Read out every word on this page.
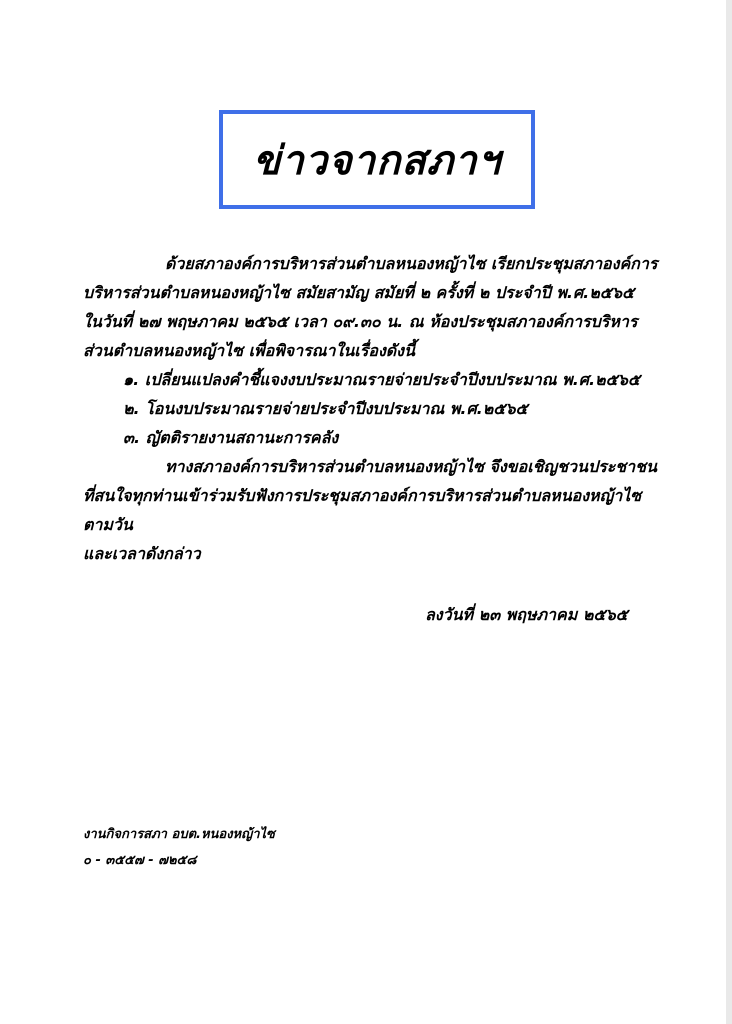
ข่าวจากสภาฯ
ด้วยสภาองค์การบริหารส่วนตำบลหนองหญ้าไซ เรียกประชุมสภาองค์การ
บริหารส่วนตำบลหนองหญ้าไซ สมัยสามัญ สมัยที่ ๒ ครั้งที่ ๒ ประจำปี พ.ศ.๒๕๖๕
ในวันที่ ๒๗ พฤษภาคม ๒๕๖๕ เวลา ๐๙.๓๐ น. ณ ห้องประชุมสภาองค์การบริหาร
ส่วนตำบลหนองหญ้าไซ เพื่อพิจารณาในเรื่องดังนี้
๑. เปลี่ยนแปลงคำชี้แจงงบประมาณรายจ่ายประจำปีงบประมาณ พ.ศ.๒๕๖๕
๒. โอนงบประมาณรายจ่ายประจำปีงบประมาณ พ.ศ.๒๕๖๕
๓. ญัตติรายงานสถานะการคลัง
ทางสภาองค์การบริหารส่วนตำบลหนองหญ้าไซ จึงขอเชิญชวนประชาชน
ที่สนใจทุกท่านเข้าร่วมรับฟังการประชุมสภาองค์การบริหารส่วนตำบลหนองหญ้าไซ
ตามวัน
และเวลาดังกล่าว
ลงวันที่ ๒๓ พฤษภาคม ๒๕๖๕
งานกิจการสภา อบต.หนองหญ้าไซ
๐ - ๓๕๕๗ - ๗๒๕๘
